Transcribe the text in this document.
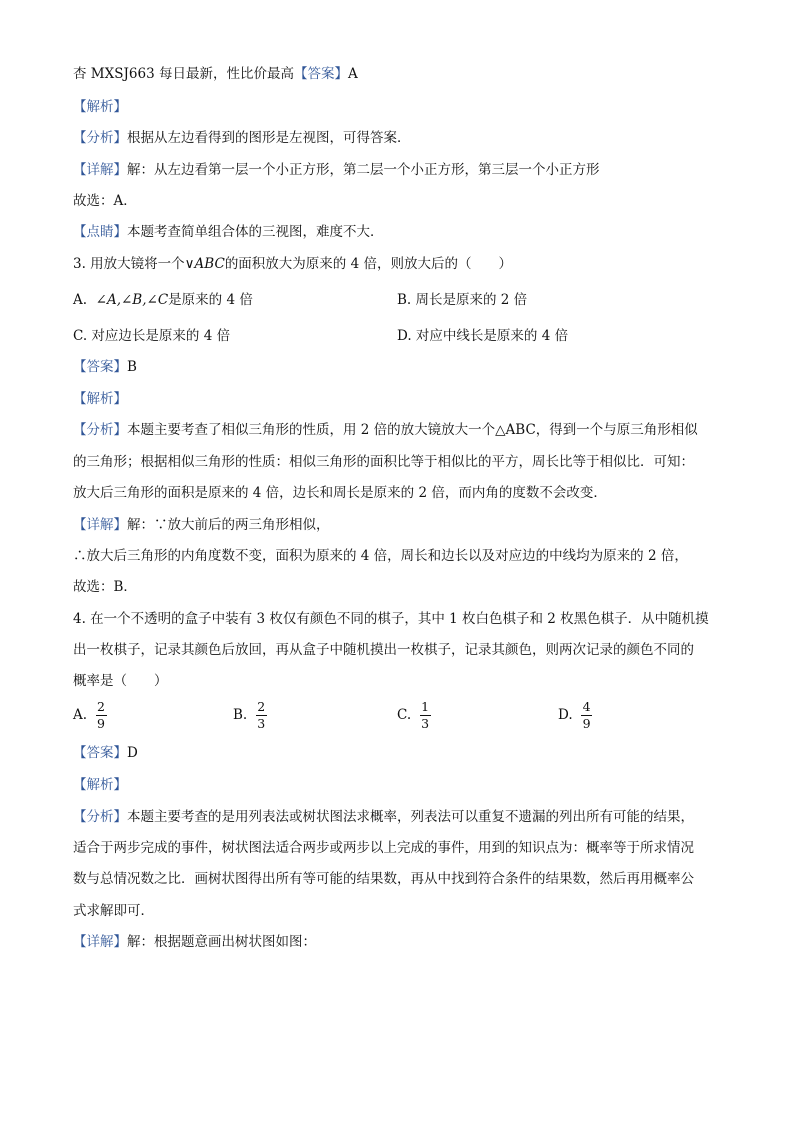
杏 MXSJ663 每日最新，性比价最高【答案】A
【解析】
【分析】根据从左边看得到的图形是左视图，可得答案．
【详解】解：从左边看第一层一个小正方形，第二层一个小正方形，第三层一个小正方形
故选：A．
【点睛】本题考查简单组合体的三视图，难度不大．
3. 用放大镜将一个∨ABC的面积放大为原来的 4 倍，则放大后的（　　）
A. ∠A,∠B,∠C是原来的 4 倍	B. 周长是原来的 2 倍
C. 对应边长是原来的 4 倍	D. 对应中线长是原来的 4 倍
【答案】B
【解析】
【分析】本题主要考查了相似三角形的性质，用 2 倍的放大镜放大一个△ABC，得到一个与原三角形相似
的三角形；根据相似三角形的性质：相似三角形的面积比等于相似比的平方，周长比等于相似比．可知：
放大后三角形的面积是原来的 4 倍，边长和周长是原来的 2 倍，而内角的度数不会改变．
【详解】解：∵放大前后的两三角形相似，
∴放大后三角形的内角度数不变，面积为原来的 4 倍，周长和边长以及对应边的中线均为原来的 2 倍，
故选：B．
4. 在一个不透明的盒子中装有 3 枚仅有颜色不同的棋子，其中 1 枚白色棋子和 2 枚黑色棋子．从中随机摸
出一枚棋子，记录其颜色后放回，再从盒子中随机摸出一枚棋子，记录其颜色，则两次记录的颜色不同的
概率是（　　）
A. $\frac{2}{9}$	B. $\frac{2}{3}$	C. $\frac{1}{3}$	D. $\frac{4}{9}$
【答案】D
【解析】
【分析】本题主要考查的是用列表法或树状图法求概率，列表法可以重复不遗漏的列出所有可能的结果，
适合于两步完成的事件，树状图法适合两步或两步以上完成的事件，用到的知识点为：概率等于所求情况
数与总情况数之比．画树状图得出所有等可能的结果数，再从中找到符合条件的结果数，然后再用概率公
式求解即可．
【详解】解：根据题意画出树状图如图：
